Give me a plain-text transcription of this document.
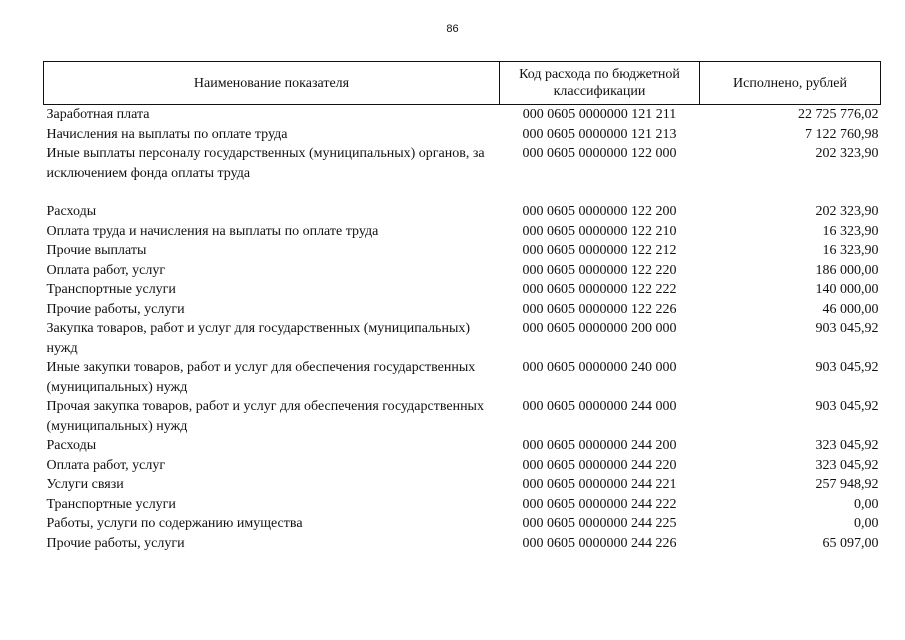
86
Наименование показателя	Код расхода по бюджетной классификации	Исполнено, рублей
Заработная плата	000 0605 0000000 121 211	22 725 776,02
Начисления на выплаты по оплате труда	000 0605 0000000 121 213	7 122 760,98
Иные выплаты персоналу государственных (муниципальных) органов, за исключением фонда оплаты труда	000 0605 0000000 122 000	202 323,90

Расходы	000 0605 0000000 122 200	202 323,90
Оплата труда и начисления на выплаты по оплате труда	000 0605 0000000 122 210	16 323,90
Прочие выплаты	000 0605 0000000 122 212	16 323,90
Оплата работ, услуг	000 0605 0000000 122 220	186 000,00
Транспортные услуги	000 0605 0000000 122 222	140 000,00
Прочие работы, услуги	000 0605 0000000 122 226	46 000,00
Закупка товаров, работ и услуг для государственных (муниципальных) нужд	000 0605 0000000 200 000	903 045,92
Иные закупки товаров, работ и услуг для обеспечения государственных (муниципальных) нужд	000 0605 0000000 240 000	903 045,92
Прочая закупка товаров, работ и услуг для обеспечения государственных (муниципальных) нужд	000 0605 0000000 244 000	903 045,92
Расходы	000 0605 0000000 244 200	323 045,92
Оплата работ, услуг	000 0605 0000000 244 220	323 045,92
Услуги связи	000 0605 0000000 244 221	257 948,92
Транспортные услуги	000 0605 0000000 244 222	0,00
Работы, услуги по содержанию имущества	000 0605 0000000 244 225	0,00
Прочие работы, услуги	000 0605 0000000 244 226	65 097,00
